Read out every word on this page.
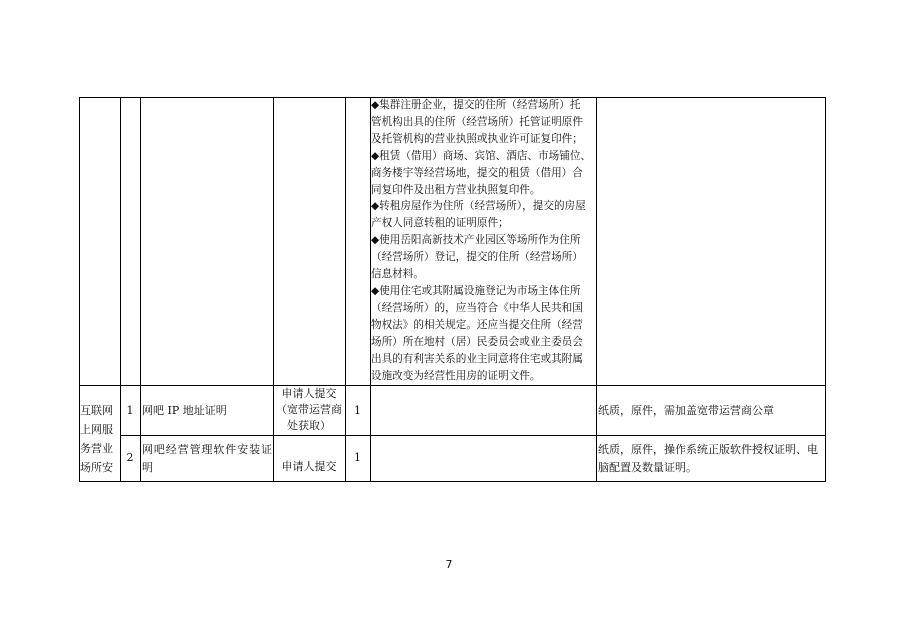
◆集群注册企业，提交的住所（经营场所）托
管机构出具的住所（经营场所）托管证明原件
及托管机构的营业执照或执业许可证复印件；
◆租赁（借用）商场、宾馆、酒店、市场铺位、
商务楼宇等经营场地，提交的租赁（借用）合
同复印件及出租方营业执照复印件。
◆转租房屋作为住所（经营场所），提交的房屋
产权人同意转租的证明原件；
◆使用岳阳高新技术产业园区等场所作为住所
（经营场所）登记，提交的住所（经营场所）
信息材料。
◆使用住宅或其附属设施登记为市场主体住所
（经营场所）的，应当符合《中华人民共和国
物权法》的相关规定。还应当提交住所（经营
场所）所在地村（居）民委员会或业主委员会
出具的有利害关系的业主同意将住宅或其附属
设施改变为经营性用房的证明文件。
互联网
上网服
务营业
场所安
1 网吧 IP 地址证明
申请人提交
（宽带运营商
处获取）
1	纸质，原件，需加盖宽带运营商公章
2
网吧经营管理软件安装证
明	申请人提交
1
纸质，原件，操作系统正版软件授权证明、电
脑配置及数量证明。
7
